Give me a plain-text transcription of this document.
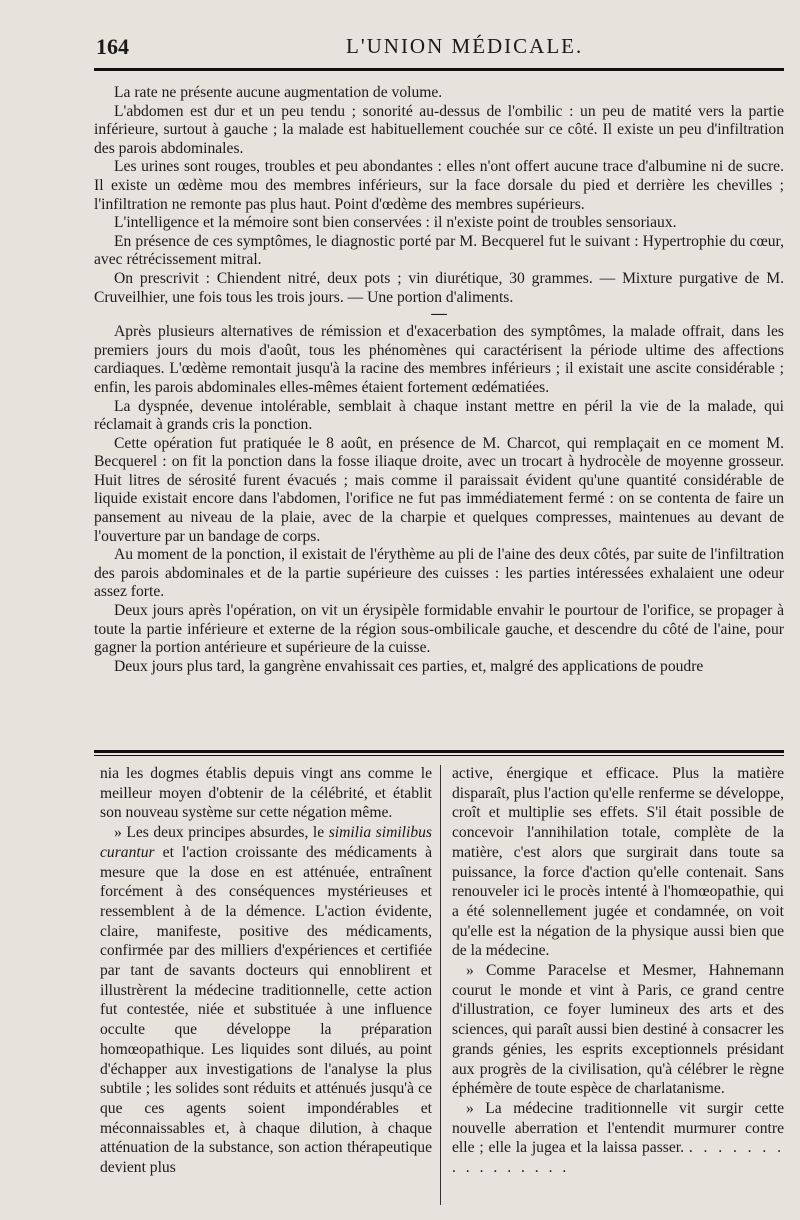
164	L'UNION MÉDICALE.

La rate ne présente aucune augmentation de volume.

L'abdomen est dur et un peu tendu ; sonorité au-dessus de l'ombilic : un peu de matité vers la partie inférieure, surtout à gauche ; la malade est habituellement couchée sur ce côté. Il existe un peu d'infiltration des parois abdominales.

Les urines sont rouges, troubles et peu abondantes : elles n'ont offert aucune trace d'albumine ni de sucre. Il existe un œdème mou des membres inférieurs, sur la face dorsale du pied et derrière les chevilles ; l'infiltration ne remonte pas plus haut. Point d'œdème des membres supérieurs.

L'intelligence et la mémoire sont bien conservées : il n'existe point de troubles sensoriaux.

En présence de ces symptômes, le diagnostic porté par M. Becquerel fut le suivant : Hypertrophie du cœur, avec rétrécissement mitral.

On prescrivit : Chiendent nitré, deux pots ; vin diurétique, 30 grammes. — Mixture purgative de M. Cruveilhier, une fois tous les trois jours. — Une portion d'aliments.

—

Après plusieurs alternatives de rémission et d'exacerbation des symptômes, la malade offrait, dans les premiers jours du mois d'août, tous les phénomènes qui caractérisent la période ultime des affections cardiaques. L'œdème remontait jusqu'à la racine des membres inférieurs ; il existait une ascite considérable ; enfin, les parois abdominales elles-mêmes étaient fortement œdématiées.

La dyspnée, devenue intolérable, semblait à chaque instant mettre en péril la vie de la malade, qui réclamait à grands cris la ponction.

Cette opération fut pratiquée le 8 août, en présence de M. Charcot, qui remplaçait en ce moment M. Becquerel : on fit la ponction dans la fosse iliaque droite, avec un trocart à hydrocèle de moyenne grosseur. Huit litres de sérosité furent évacués ; mais comme il paraissait évident qu'une quantité considérable de liquide existait encore dans l'abdomen, l'orifice ne fut pas immédiatement fermé : on se contenta de faire un pansement au niveau de la plaie, avec de la charpie et quelques compresses, maintenues au devant de l'ouverture par un bandage de corps.

Au moment de la ponction, il existait de l'érythème au pli de l'aine des deux côtés, par suite de l'infiltration des parois abdominales et de la partie supérieure des cuisses : les parties intéressées exhalaient une odeur assez forte.

Deux jours après l'opération, on vit un érysipèle formidable envahir le pourtour de l'orifice, se propager à toute la partie inférieure et externe de la région sous-ombilicale gauche, et descendre du côté de l'aine, pour gagner la portion antérieure et supérieure de la cuisse.

Deux jours plus tard, la gangrène envahissait ces parties, et, malgré des applications de poudre

nia les dogmes établis depuis vingt ans comme le meilleur moyen d'obtenir de la célébrité, et établit son nouveau système sur cette négation même.

» Les deux principes absurdes, le similia similibus curantur et l'action croissante des médicaments à mesure que la dose en est atténuée, entraînent forcément à des conséquences mystérieuses et ressemblent à de la démence. L'action évidente, claire, manifeste, positive des médicaments, confirmée par des milliers d'expériences et certifiée par tant de savants docteurs qui ennoblirent et illustrèrent la médecine traditionnelle, cette action fut contestée, niée et substituée à une influence occulte que développe la préparation homœopathique. Les liquides sont dilués, au point d'échapper aux investigations de l'analyse la plus subtile ; les solides sont réduits et atténués jusqu'à ce que ces agents soient impondérables et méconnaissables et, à chaque dilution, à chaque atténuation de la substance, son action thérapeutique devient plus

active, énergique et efficace. Plus la matière disparaît, plus l'action qu'elle renferme se développe, croît et multiplie ses effets. S'il était possible de concevoir l'annihilation totale, complète de la matière, c'est alors que surgirait dans toute sa puissance, la force d'action qu'elle contenait. Sans renouveler ici le procès intenté à l'homœopathie, qui a été solennellement jugée et condamnée, on voit qu'elle est la négation de la physique aussi bien que de la médecine.

» Comme Paracelse et Mesmer, Hahnemann courut le monde et vint à Paris, ce grand centre d'illustration, ce foyer lumineux des arts et des sciences, qui paraît aussi bien destiné à consacrer les grands génies, les esprits exceptionnels présidant aux progrès de la civilisation, qu'à célébrer le règne éphémère de toute espèce de charlatanisme.

» La médecine traditionnelle vit surgir cette nouvelle aberration et l'entendit murmurer contre elle ; elle la jugea et la laissa passer. . . . . . . . . . . . . . . . .
